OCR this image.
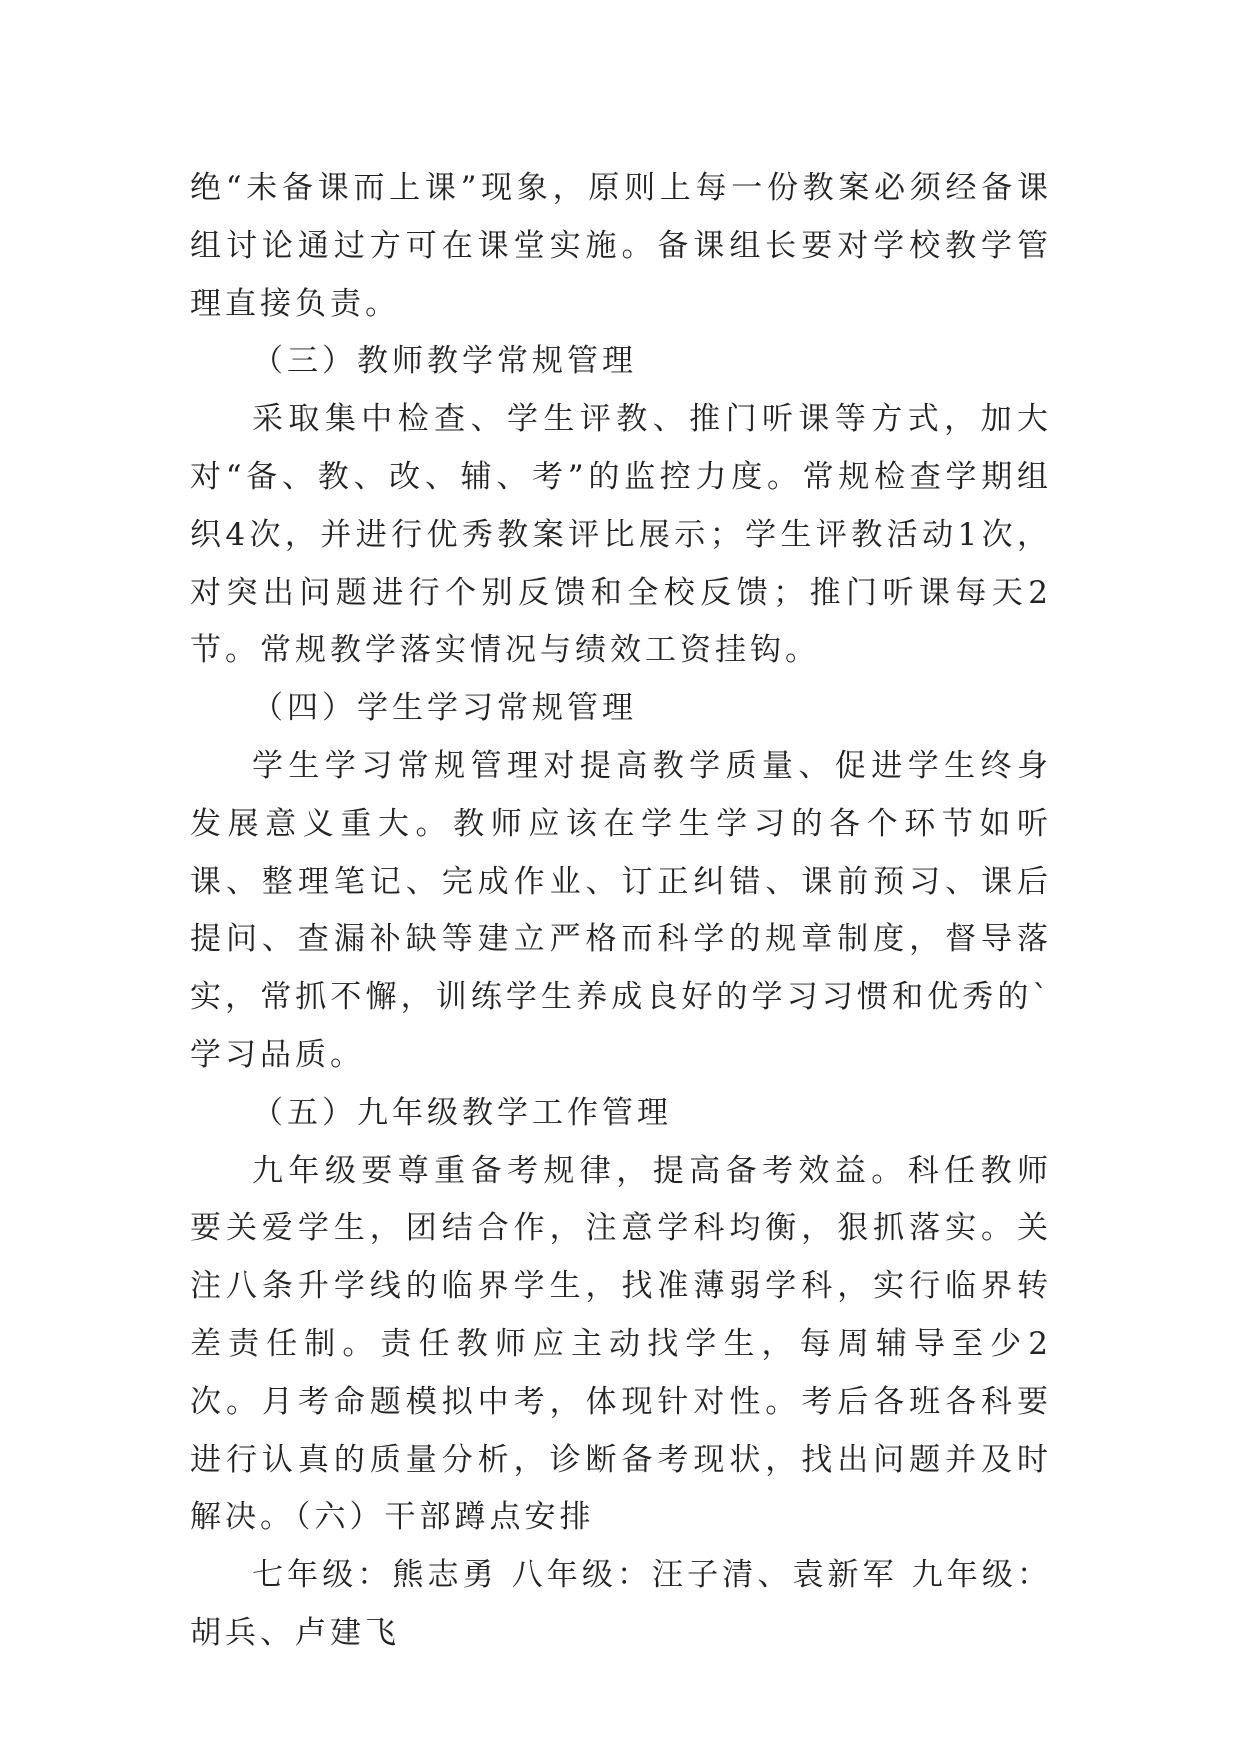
绝“未备课而上课”现象，原则上每一份教案必须经备课组讨论通过方可在课堂实施。备课组长要对学校教学管理直接负责。

（三）教师教学常规管理

采取集中检查、学生评教、推门听课等方式，加大对“备、教、改、辅、考”的监控力度。常规检查学期组织4次，并进行优秀教案评比展示；学生评教活动1次，对突出问题进行个别反馈和全校反馈；推门听课每天2节。常规教学落实情况与绩效工资挂钩。

（四）学生学习常规管理

学生学习常规管理对提高教学质量、促进学生终身发展意义重大。教师应该在学生学习的各个环节如听课、整理笔记、完成作业、订正纠错、课前预习、课后提问、查漏补缺等建立严格而科学的规章制度，督导落实，常抓不懈，训练学生养成良好的学习习惯和优秀的`学习品质。

（五）九年级教学工作管理

九年级要尊重备考规律，提高备考效益。科任教师要关爱学生，团结合作，注意学科均衡，狠抓落实。关注八条升学线的临界学生，找准薄弱学科，实行临界转差责任制。责任教师应主动找学生，每周辅导至少2次。月考命题模拟中考，体现针对性。考后各班各科要进行认真的质量分析，诊断备考现状，找出问题并及时解决。（六）干部蹲点安排

七年级：熊志勇 八年级：汪子清、袁新军 九年级：胡兵、卢建飞
